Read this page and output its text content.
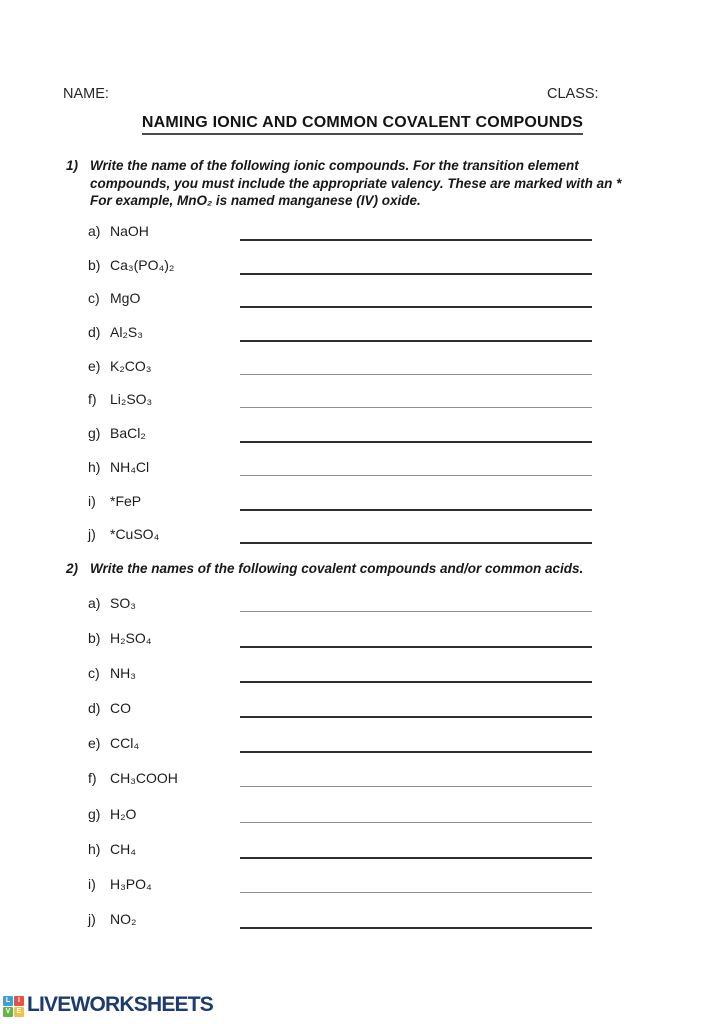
NAME:	CLASS:
NAMING IONIC AND COMMON COVALENT COMPOUNDS
1) Write the name of the following ionic compounds. For the transition element
compounds, you must include the appropriate valency. These are marked with an *
For example, MnO₂ is named manganese (IV) oxide.
a) NaOH
b) Ca₃(PO₄)₂
c) MgO
d) Al₂S₃
e) K₂CO₃
f) Li₂SO₃
g) BaCl₂
h) NH₄Cl
i)	*FeP
j)	*CuSO₄
2) Write the names of the following covalent compounds and/or common acids.
a) SO₃
b) H₂SO₄
c) NH₃
d) CO
e) CCl₄
f) CH₃COOH
g) H₂O
h) CH₄
i)	H₃PO₄
j)	NO₂
L	I
V E LIVEWORKSHEETS
